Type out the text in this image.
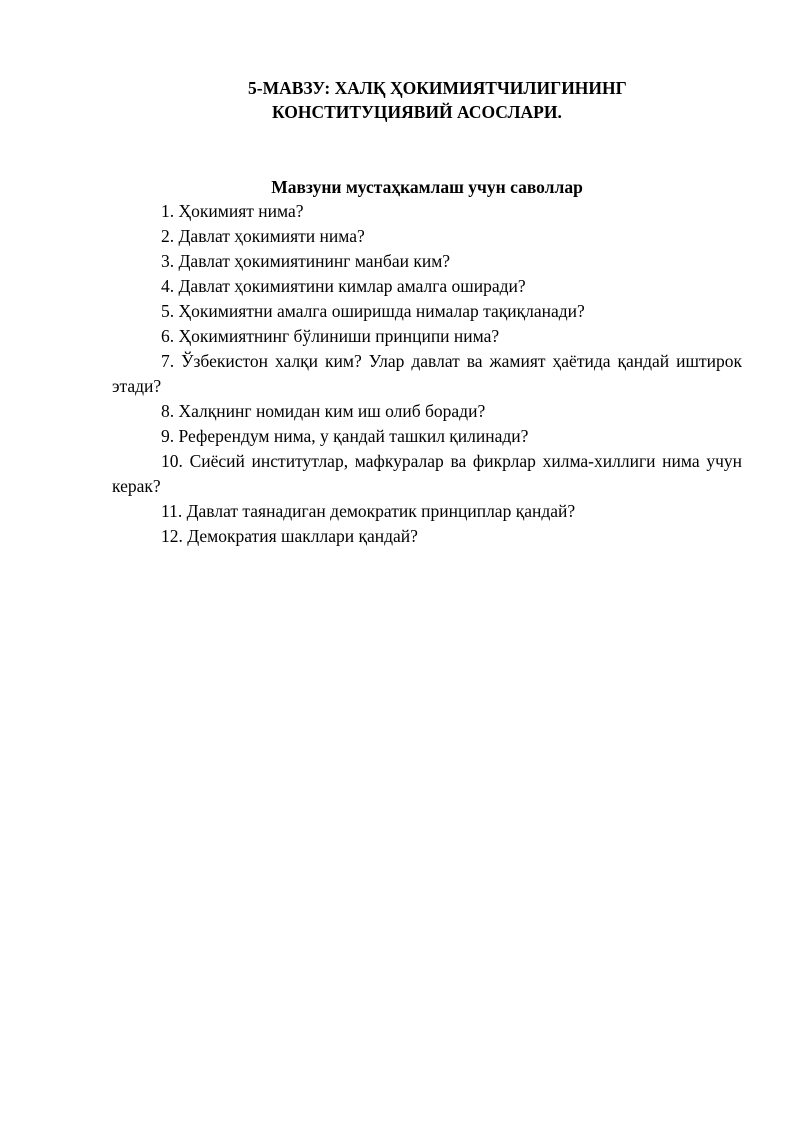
5-МАВЗУ: ХАЛҚ ҲОКИМИЯТЧИЛИГИНИНГ
КОНСТИТУЦИЯВИЙ АСОСЛАРИ.
Мавзуни мустаҳкамлаш учун саволлар
1. Ҳокимият нима?
2. Давлат ҳокимияти нима?
3. Давлат ҳокимиятининг манбаи ким?
4. Давлат ҳокимиятини кимлар амалга оширади?
5. Ҳокимиятни амалга оширишда нималар тақиқланади?
6. Ҳокимиятнинг бўлиниши принципи нима?
7. Ўзбекистон халқи ким? Улар давлат ва жамият ҳаётида қандай иштирок этади?
8. Халқнинг номидан ким иш олиб боради?
9. Референдум нима, у қандай ташкил қилинади?
10. Сиёсий институтлар, мафкуралар ва фикрлар хилма-хиллиги нима учун керак?
11. Давлат таянадиган демократик принциплар қандай?
12. Демократия шакллари қандай?
